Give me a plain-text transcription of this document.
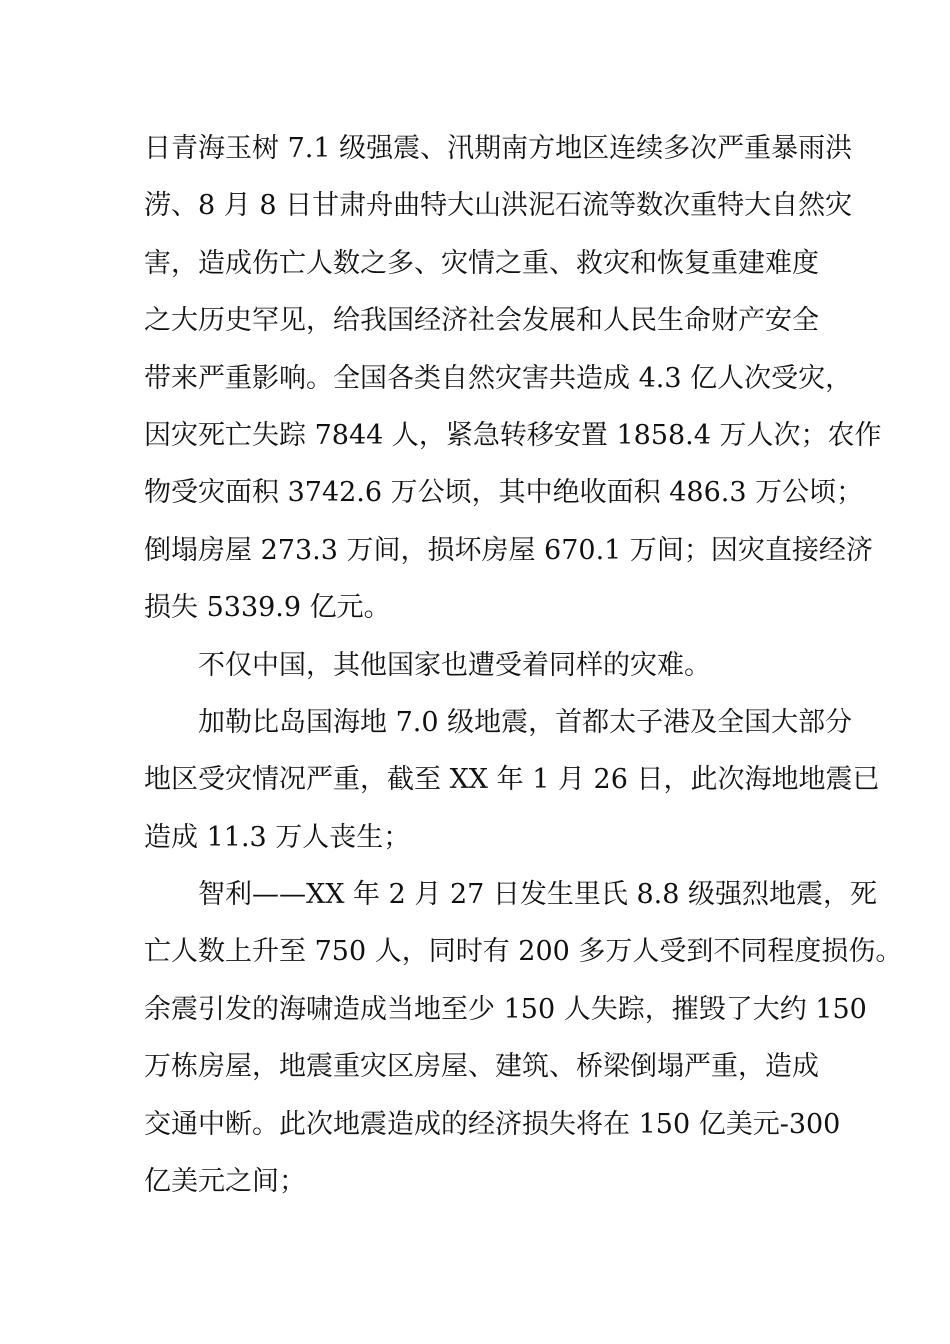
日青海玉树 7.1 级强震、汛期南方地区连续多次严重暴雨洪
涝、8 月 8 日甘肃舟曲特大山洪泥石流等数次重特大自然灾
害，造成伤亡人数之多、灾情之重、救灾和恢复重建难度
之大历史罕见，给我国经济社会发展和人民生命财产安全
带来严重影响。全国各类自然灾害共造成 4.3 亿人次受灾，
因灾死亡失踪 7844 人，紧急转移安置 1858.4 万人次；农作
物受灾面积 3742.6 万公顷，其中绝收面积 486.3 万公顷；
倒塌房屋 273.3 万间，损坏房屋 670.1 万间；因灾直接经济
损失 5339.9 亿元。
不仅中国，其他国家也遭受着同样的灾难。
加勒比岛国海地 7.0 级地震，首都太子港及全国大部分
地区受灾情况严重，截至 XX 年 1 月 26 日，此次海地地震已
造成 11.3 万人丧生；
智利——XX 年 2 月 27 日发生里氏 8.8 级强烈地震，死
亡人数上升至 750 人，同时有 200 多万人受到不同程度损伤。
余震引发的海啸造成当地至少 150 人失踪，摧毁了大约 150
万栋房屋，地震重灾区房屋、建筑、桥梁倒塌严重，造成
交通中断。此次地震造成的经济损失将在 150 亿美元-300
亿美元之间；
